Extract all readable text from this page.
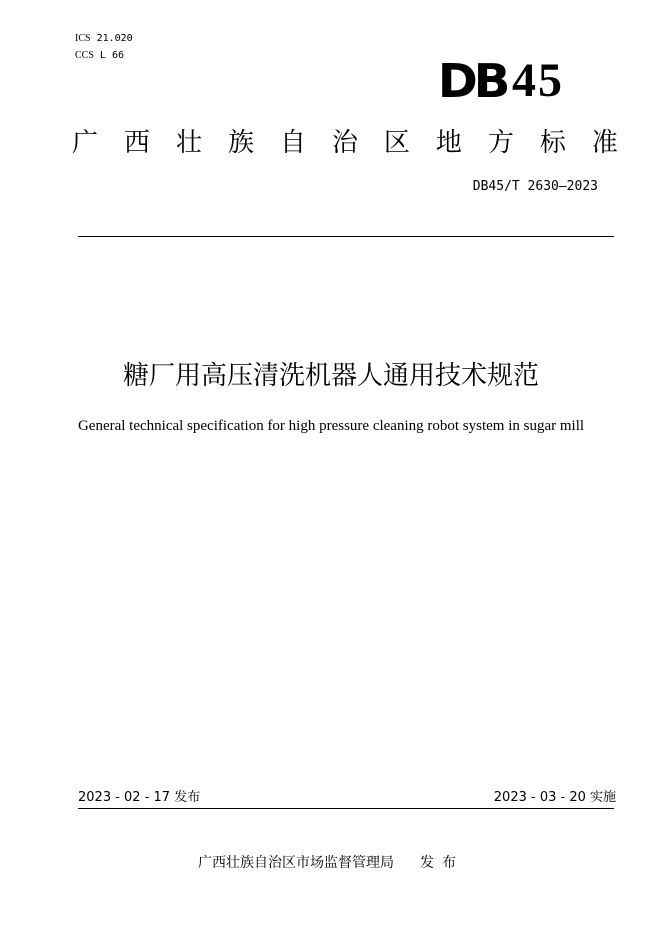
ICS 21.020
CCS L 66	DB 45
广 西 壮 族 自 治 区 地 方 标 准
DB45/T 2630—2023
糖厂用高压清洗机器人通用技术规范
General technical specification for high pressure cleaning robot system in sugar mill
2023 - 02 - 17 发布	2023 - 03 - 20 实施
广西壮族自治区市场监督管理局 发布
